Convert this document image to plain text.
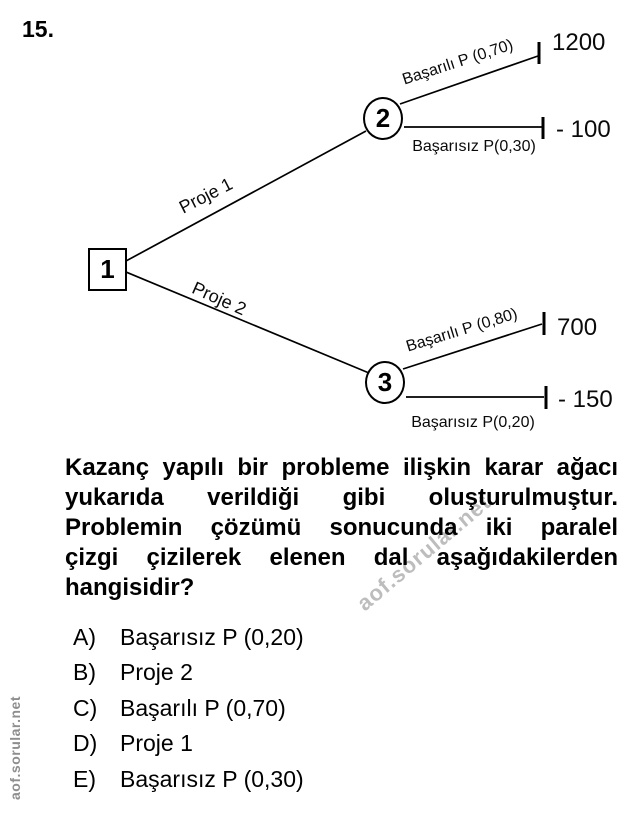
15.
1
2
3
Proje 1
Proje 2
Başarılı P (0,70)
Başarısız P(0,30)
Başarılı P (0,80)
Başarısız P(0,20)
1200
- 100
700
- 150
aof.sorular.net
Kazanç yapılı bir probleme ilişkin karar ağacı
yukarıda verildiği gibi oluşturulmuştur.
Problemin çözümü sonucunda iki paralel
çizgi çizilerek elenen dal aşağıdakilerden
hangisidir?
A)	Başarısız P (0,20)
B)	Proje 2
C) Başarılı P (0,70)
D) Proje 1
E)	Başarısız P (0,30)
aof.sorular.net
